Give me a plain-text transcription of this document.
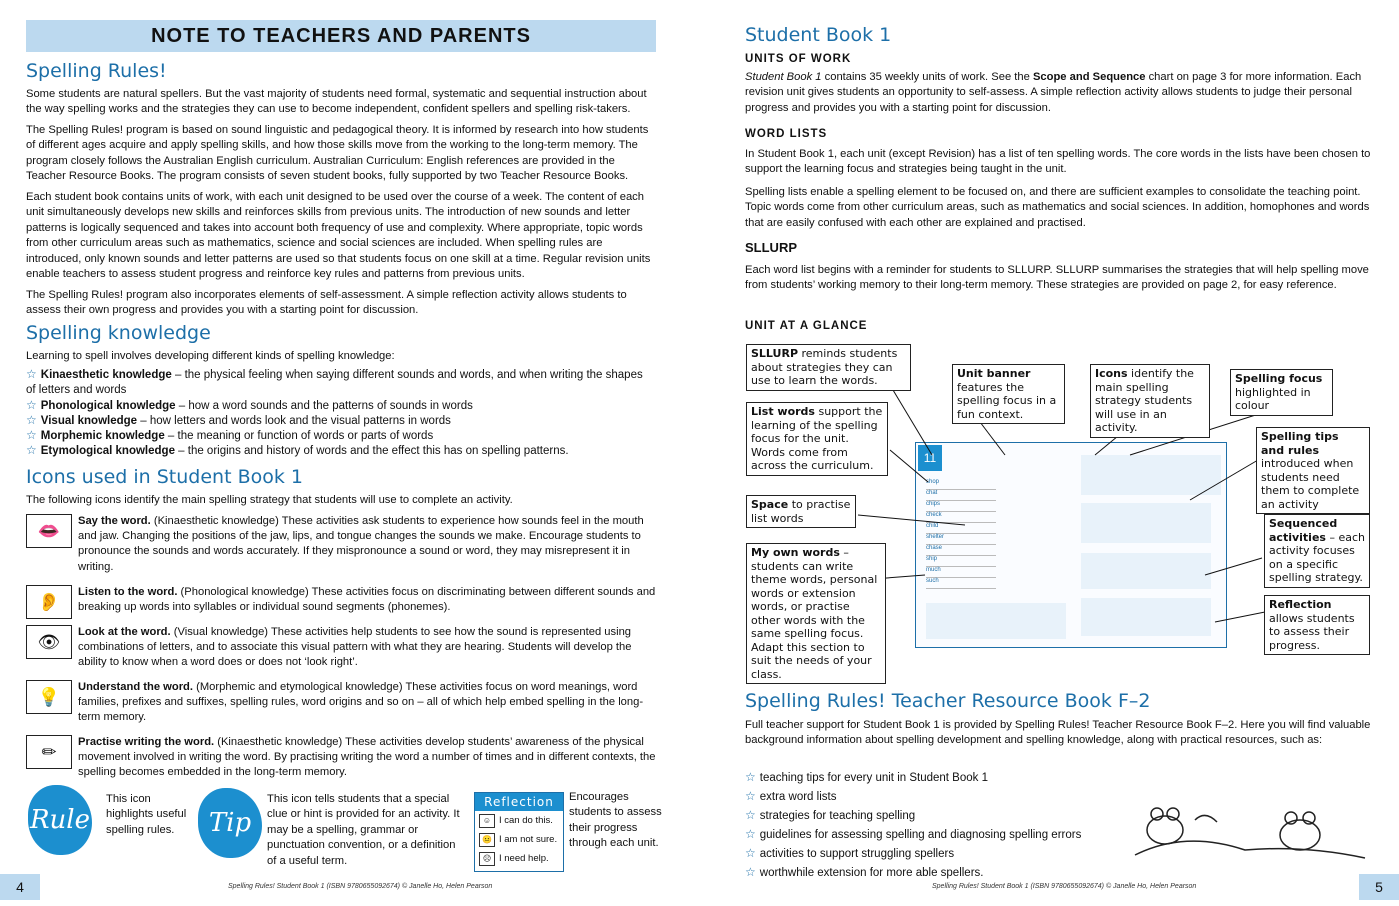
NOTE TO TEACHERS AND PARENTS
Spelling Rules!

Some students are natural spellers. But the vast majority of students need formal, systematic and sequential instruction about the way spelling works and the strategies they can use to become independent, confident spellers and spelling risk-takers.

The Spelling Rules! program is based on sound linguistic and pedagogical theory. It is informed by research into how students of different ages acquire and apply spelling skills, and how those skills move from the working to the long-term memory. The program closely follows the Australian English curriculum. Australian Curriculum: English references are provided in the Teacher Resource Books. The program consists of seven student books, fully supported by two Teacher Resource Books.

Each student book contains units of work, with each unit designed to be used over the course of a week. The content of each unit simultaneously develops new skills and reinforces skills from previous units. The introduction of new sounds and letter patterns is logically sequenced and takes into account both frequency of use and complexity. Where appropriate, topic words from other curriculum areas such as mathematics, science and social sciences are included. When spelling rules are introduced, only known sounds and letter patterns are used so that students focus on one skill at a time. Regular revision units enable teachers to assess student progress and reinforce key rules and patterns from previous units.

The Spelling Rules! program also incorporates elements of self-assessment. A simple reflection activity allows students to assess their own progress and provides you with a starting point for discussion.

Spelling knowledge

Learning to spell involves developing different kinds of spelling knowledge:

☆ Kinaesthetic knowledge – the physical feeling when saying different sounds and words, and when writing the shapes of letters and words
☆ Phonological knowledge – how a word sounds and the patterns of sounds in words
☆ Visual knowledge – how letters and words look and the visual patterns in words
☆ Morphemic knowledge – the meaning or function of words or parts of words
☆ Etymological knowledge – the origins and history of words and the effect this has on spelling patterns.
Icons used in Student Book 1

The following icons identify the main spelling strategy that students will use to complete an activity.

👄	Say the word. (Kinaesthetic knowledge) These activities ask students to experience how sounds feel in the mouth and jaw. Changing the positions of the jaw, lips, and tongue changes the sounds we make. Encourage students to pronounce the sounds and words accurately. If they mispronounce a sound or word, they may misrepresent it in writing.
👂	Listen to the word. (Phonological knowledge) These activities focus on discriminating between different sounds and breaking up words into syllables or individual sound segments (phonemes).
👁	Look at the word. (Visual knowledge) These activities help students to see how the sound is represented using combinations of letters, and to associate this visual pattern with what they are hearing. Students will develop the ability to know when a word does or does not ‘look right’.
💡	Understand the word. (Morphemic and etymological knowledge) These activities focus on word meanings, word families, prefixes and suffixes, spelling rules, word origins and so on – all of which help embed spelling in the long-term memory.
✏	Practise writing the word. (Kinaesthetic knowledge) These activities develop students’ awareness of the physical movement involved in writing the word. By practising writing the word a number of times and in different contexts, the spelling becomes embedded in the long-term memory.
Rule

This icon highlights useful spelling rules.	Tip

This icon tells students that a special clue or hint is provided for an activity. It may be a spelling, grammar or punctuation convention, or a definition of a useful term.

Reflection
☺ I can do this.
😐 I am not sure.
☹ I need help.

Encourages students to assess their progress through each unit.

4	Spelling Rules! Student Book 1 (ISBN 9780655092674) © Janelle Ho, Helen Pearson
Student Book 1
UNITS OF WORK

Student Book 1 contains 35 weekly units of work. See the Scope and Sequence chart on page 3 for more information. Each revision unit gives students an opportunity to self-assess. A simple reflection activity allows students to judge their personal progress and provides you with a starting point for discussion.

WORD LISTS

In Student Book 1, each unit (except Revision) has a list of ten spelling words. The core words in the lists have been chosen to support the learning focus and strategies being taught in the unit.

Spelling lists enable a spelling element to be focused on, and there are sufficient examples to consolidate the teaching point. Topic words come from other curriculum areas, such as mathematics and social sciences. In addition, homophones and words that are easily confused with each other are explained and practised.

SLLURP

Each word list begins with a reminder for students to SLLURP. SLLURP summarises the strategies that will help spelling move from students’ working memory to their long-term memory. These strategies are provided on page 2, for easy reference.

UNIT AT A GLANCE
11
shop
chat
chips
check
child
shelter
chase
ship
much
such
SLLURP reminds students about strategies they can use to learn the words.
Unit banner features the spelling focus in a fun context.
Icons identify the main spelling strategy students will use in an activity.
Spelling focus highlighted in colour
List words support the learning of the spelling focus for the unit. Words come from across the curriculum.
Spelling tips and rules introduced when students need them to complete an activity
Space to practise list words	Sequenced activities – each activity focuses on a specific spelling strategy.
My own words – students can write theme words, personal words or extension words, or practise other words with the same spelling focus. Adapt this section to suit the needs of your class.
Reflection allows students to assess their progress.
Spelling Rules! Teacher Resource Book F–2

Full teacher support for Student Book 1 is provided by Spelling Rules! Teacher Resource Book F–2. Here you will find valuable background information about spelling development and spelling knowledge, along with practical resources, such as:

☆ teaching tips for every unit in Student Book 1
☆ extra word lists
☆ strategies for teaching spelling
☆ guidelines for assessing spelling and diagnosing spelling errors
☆ activities to support struggling spellers
☆ worthwhile extension for more able spellers.
5
Spelling Rules! Student Book 1 (ISBN 9780655092674) © Janelle Ho, Helen Pearson
